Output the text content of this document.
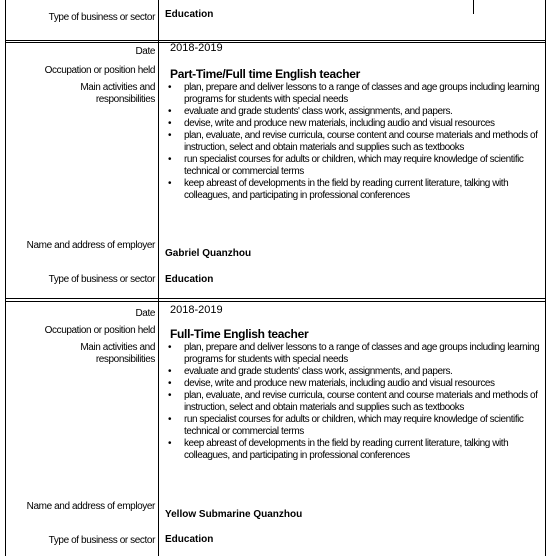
Type of business or sector Education
Date 2018-2019
Occupation or position held Part-Time/Full time English teacher
Main activities and responsibilities
• plan, prepare and deliver lessons to a range of classes and age groups including learning programs for students with special needs
• evaluate and grade students' class work, assignments, and papers.
• devise, write and produce new materials, including audio and visual resources
• plan, evaluate, and revise curricula, course content and course materials and methods of instruction, select and obtain materials and supplies such as textbooks
• run specialist courses for adults or children, which may require knowledge of scientific technical or commercial terms
• keep abreast of developments in the field by reading current literature, talking with colleagues, and participating in professional conferences
Name and address of employer
Gabriel Quanzhou
Type of business or sector Education
Date 2018-2019
Occupation or position held Full-Time English teacher
Main activities and responsibilities
• plan, prepare and deliver lessons to a range of classes and age groups including learning programs for students with special needs
• evaluate and grade students' class work, assignments, and papers.
• devise, write and produce new materials, including audio and visual resources
• plan, evaluate, and revise curricula, course content and course materials and methods of instruction, select and obtain materials and supplies such as textbooks
• run specialist courses for adults or children, which may require knowledge of scientific technical or commercial terms
• keep abreast of developments in the field by reading current literature, talking with colleagues, and participating in professional conferences
Name and address of employer
Yellow Submarine Quanzhou
Type of business or sector Education
